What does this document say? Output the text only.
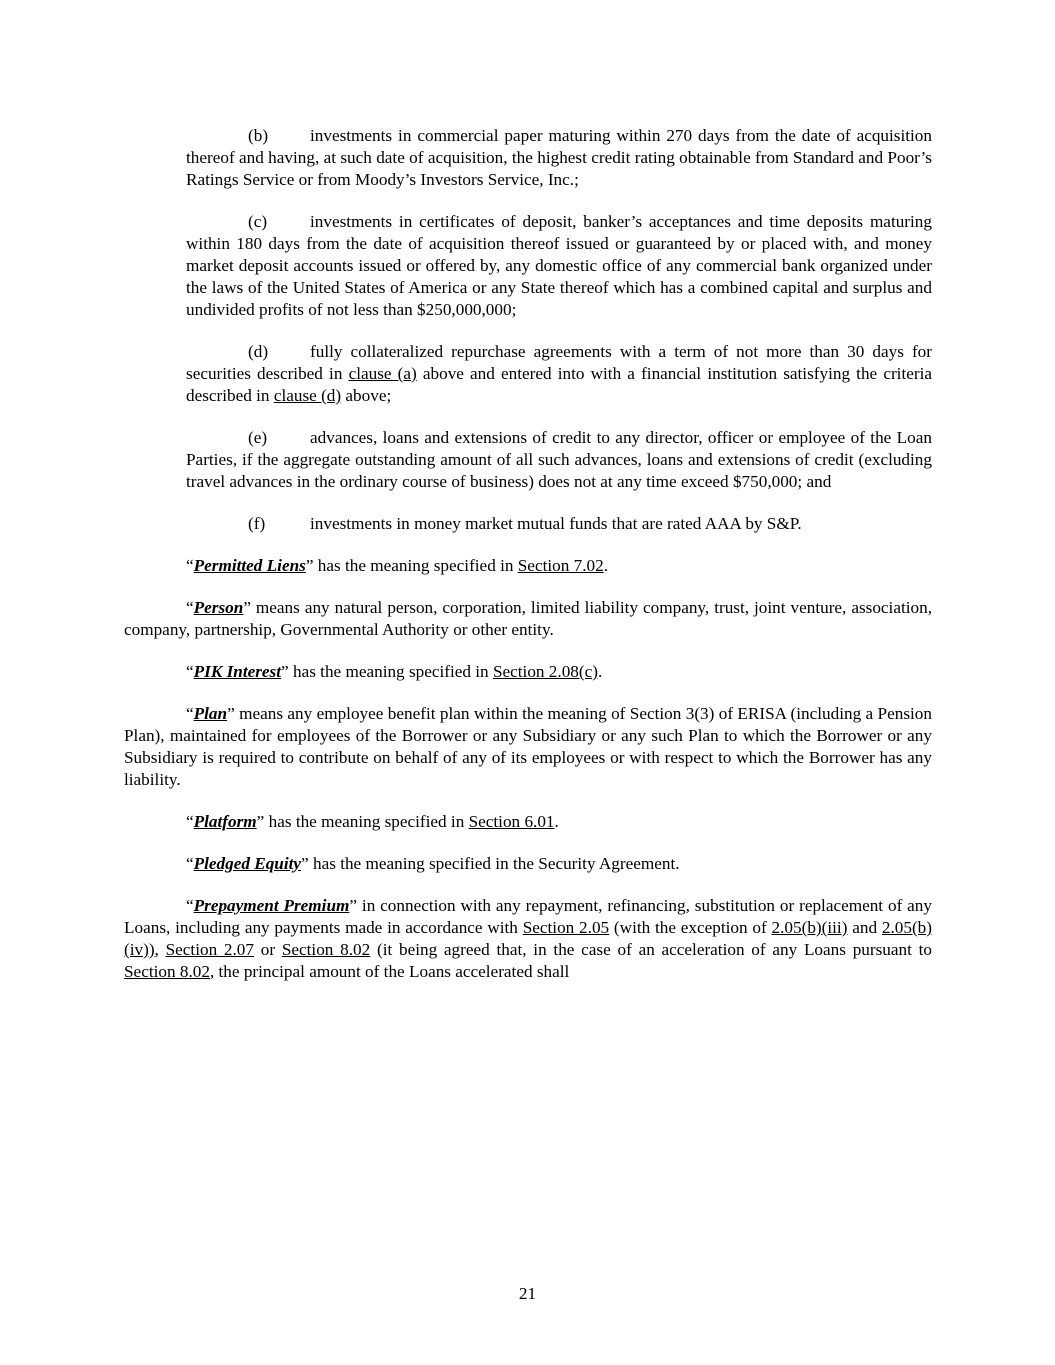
(b) investments in commercial paper maturing within 270 days from the date of acquisition thereof and having, at such date of acquisition, the highest credit rating obtainable from Standard and Poor’s Ratings Service or from Moody’s Investors Service, Inc.;

(c) investments in certificates of deposit, banker’s acceptances and time deposits maturing within 180 days from the date of acquisition thereof issued or guaranteed by or placed with, and money market deposit accounts issued or offered by, any domestic office of any commercial bank organized under the laws of the United States of America or any State thereof which has a combined capital and surplus and undivided profits of not less than $250,000,000;

(d) fully collateralized repurchase agreements with a term of not more than 30 days for securities described in clause (a) above and entered into with a financial institution satisfying the criteria described in clause (d) above;

(e) advances, loans and extensions of credit to any director, officer or employee of the Loan Parties, if the aggregate outstanding amount of all such advances, loans and extensions of credit (excluding travel advances in the ordinary course of business) does not at any time exceed $750,000; and

(f)	investments in money market mutual funds that are rated AAA by S&P.

“Permitted Liens” has the meaning specified in Section 7.02.

“Person” means any natural person, corporation, limited liability company, trust, joint venture, association, company, partnership, Governmental Authority or other entity.

“PIK Interest” has the meaning specified in Section 2.08(c).

“Plan” means any employee benefit plan within the meaning of Section 3(3) of ERISA (including a Pension Plan), maintained for employees of the Borrower or any Subsidiary or any such Plan to which the Borrower or any Subsidiary is required to contribute on behalf of any of its employees or with respect to which the Borrower has any liability.

“Platform” has the meaning specified in Section 6.01.

“Pledged Equity” has the meaning specified in the Security Agreement.

“Prepayment Premium” in connection with any repayment, refinancing, substitution or replacement of any Loans, including any payments made in accordance with Section 2.05 (with the exception of 2.05(b)(iii) and 2.05(b)(iv)), Section 2.07 or Section 8.02 (it being agreed that, in the case of an acceleration of any Loans pursuant to Section 8.02, the principal amount of the Loans accelerated shall

21
